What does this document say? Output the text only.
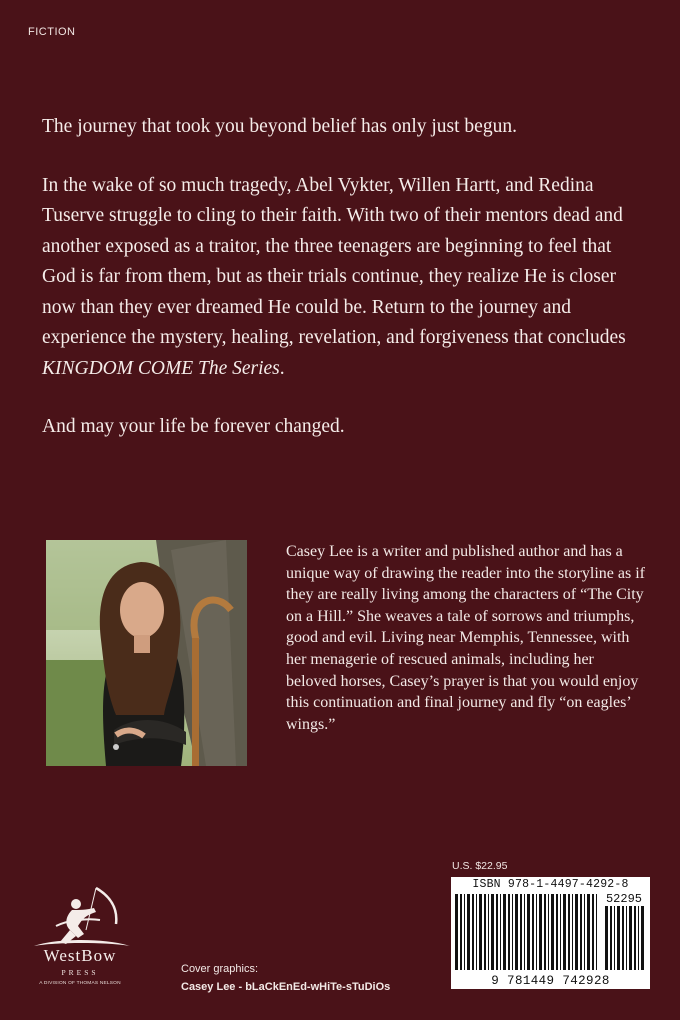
FICTION

The journey that took you beyond belief has only just begun.

In the wake of so much tragedy, Abel Vykter, Willen Hartt, and Redina Tuserve struggle to cling to their faith. With two of their mentors dead and another exposed as a traitor, the three teenagers are beginning to feel that God is far from them, but as their trials continue, they realize He is closer now than they ever dreamed He could be. Return to the journey and experience the mystery, healing, revelation, and forgiveness that concludes KINGDOM COME The Series.

And may your life be forever changed.

Casey Lee is a writer and published author and has a unique way of drawing the reader into the storyline as if they are really living among the characters of “The City on a Hill.” She weaves a tale of sorrows and triumphs, good and evil. Living near Memphis, Tennessee, with her menagerie of rescued animals, including her beloved horses, Casey’s prayer is that you would enjoy this continuation and final journey and fly “on eagles’ wings.”
U.S. $22.95
ISBN 978-1-4497-4292-8
52295
9 781449 742928
WestBow
PRESS
A DIVISION OF THOMAS NELSON
Cover graphics:
Casey Lee - bLaCkEnEd-wHiTe-sTuDiOs
